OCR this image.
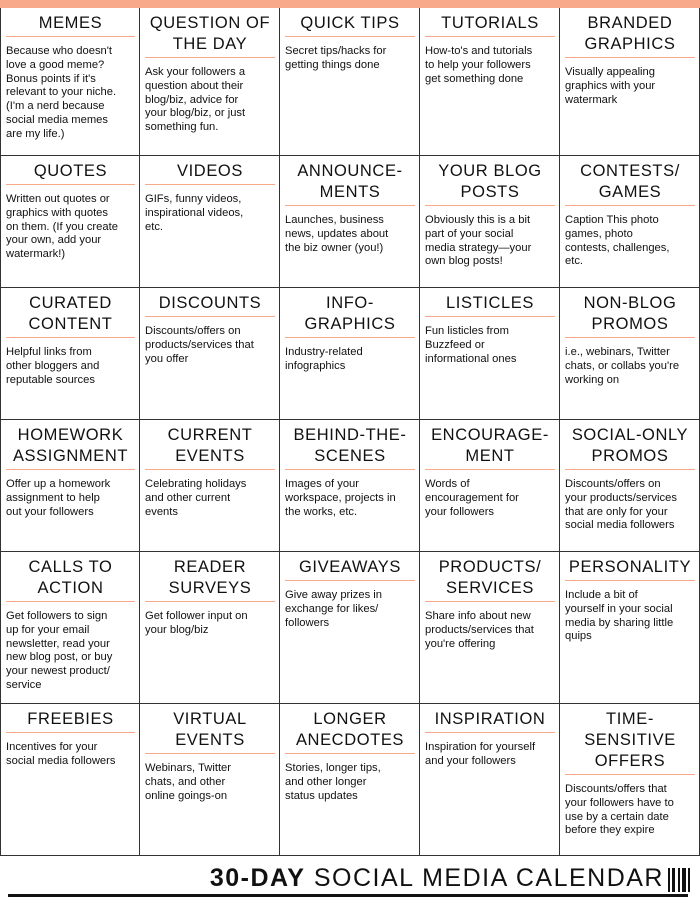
MEMES

Because who doesn't
love a good meme?
Bonus points if it's
relevant to your niche.
(I'm a nerd because
social media memes
are my life.)

QUESTION OF
THE DAY

Ask your followers a
question about their
blog/biz, advice for
your blog/biz, or just
something fun.

QUICK TIPS

Secret tips/hacks for
getting things done

TUTORIALS

How-to's and tutorials
to help your followers
get something done

BRANDED
GRAPHICS

Visually appealing
graphics with your
watermark

QUOTES

Written out quotes or
graphics with quotes
on them. (If you create
your own, add your
watermark!)

VIDEOS

GIFs, funny videos,
inspirational videos,
etc.

ANNOUNCE-
MENTS

Launches, business
news, updates about
the biz owner (you!)

YOUR BLOG
POSTS

Obviously this is a bit
part of your social
media strategy—your
own blog posts!

CONTESTS/
GAMES

Caption This photo
games, photo
contests, challenges,
etc.

CURATED
CONTENT

Helpful links from
other bloggers and
reputable sources

DISCOUNTS

Discounts/offers on
products/services that
you offer

INFO-
GRAPHICS

Industry-related
infographics

LISTICLES

Fun listicles from
Buzzfeed or
informational ones

NON-BLOG
PROMOS

i.e., webinars, Twitter
chats, or collabs you're
working on

HOMEWORK
ASSIGNMENT

Offer up a homework
assignment to help
out your followers

CURRENT
EVENTS

Celebrating holidays
and other current
events

BEHIND-THE-
SCENES

Images of your
workspace, projects in
the works, etc.

ENCOURAGE-
MENT

Words of
encouragement for
your followers

SOCIAL-ONLY
PROMOS

Discounts/offers on
your products/services
that are only for your
social media followers

CALLS TO
ACTION

Get followers to sign
up for your email
newsletter, read your
new blog post, or buy
your newest product/
service

READER
SURVEYS

Get follower input on
your blog/biz

GIVEAWAYS

Give away prizes in
exchange for likes/
followers

PRODUCTS/
SERVICES

Share info about new
products/services that
you're offering

PERSONALITY

Include a bit of
yourself in your social
media by sharing little
quips

FREEBIES

Incentives for your
social media followers

VIRTUAL
EVENTS

Webinars, Twitter
chats, and other
online goings-on

LONGER
ANECDOTES

Stories, longer tips,
and other longer
status updates

INSPIRATION

Inspiration for yourself
and your followers

TIME-
SENSITIVE
OFFERS

Discounts/offers that
your followers have to
use by a certain date
before they expire

30-DAY SOCIAL MEDIA CALENDAR
